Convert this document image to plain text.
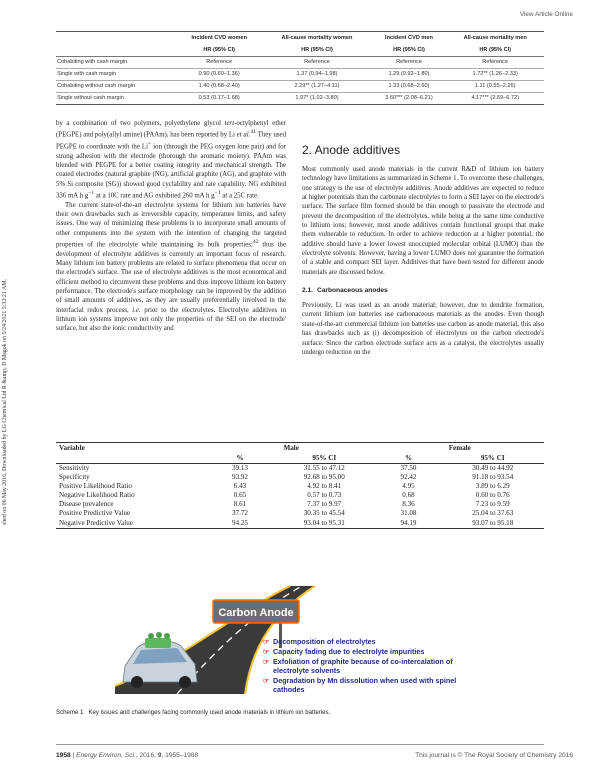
View Article Online
shed on 06 May 2016. Downloaded by LG Chemical Ltd R &amp; D Magok on 5/24/2021 5:33:21 AM.
	Incident CVD women	All-cause mortality women	Incident CVD men	All-cause mortality men
	HR (95% CI)	HR (95% CI)	HR (95% CI)	HR (95% CI)
Cohabiting with cash margin	Reference	Reference	Reference	Reference
Single with cash margin	0.90 (0.60–1.36)	1.37 (0.94–1.98)	1.29 (0.92–1.80)	1.72** (1.26–2.33)
Cohabiting without cash margin	1.40 (0.68–2.40)	2.29** (1.27–4.11)	1.33 (0.68–2.60)	1.11 (0.55–2.26)
Single without cash margin	0.53 (0.17–1.68)	1.97* (1.02–3.80)	3.60*** (2.08–6.21)	4.17*** (2.59–6.72)

by a combination of two polymers, polyethylene glycol tert-octylphenyl ether (PEGPE) and poly(allyl amine) (PAAm), has been reported by Li et al.$^{41}$ They used PEGPE to coordinate with the Li+ ion (through the PEG oxygen lone pair) and for strong adhesion with the electrode (thorough the aromatic moiety). PAAm was blended with PEGPE for a better coating integrity and mechanical strength. The coated electrodes (natural graphite (NG), artificial graphite (AG), and graphite with 5% Si composite (SG)) showed good cyclability and rate capability. NG exhibited 336 mA h $g^{-1}$ at a 10C rate and AG exhibited 260 mA h $g^{-1}$ at a 25C rate.

The current state-of-the-art electrolyte systems for lithium ion batteries have their own drawbacks such as irreversible capacity, temperature limits, and safety issues. One way of minimizing these problems is to incorporate small amounts of other components into the system with the intention of changing the targeted properties of the electrolyte while maintaining its bulk properties;$^{42}$ thus the development of electrolyte additives is currently an important focus of research. Many lithium ion battery problems are related to surface phenomena that occur on the electrode's surface. The use of electrolyte additives is the most economical and efficient method to circumvent these problems and thus improve lithium ion battery performance. The electrode's surface morphology can be improved by the addition of small amounts of additives, as they are usually preferentially involved in the interfacial redox process, i.e. prior to the electrolytes. Electrolyte additives in lithium ion systems improve not only the properties of the SEI on the electrode' surface, but also the ionic conductivity and

2. Anode additives

Most commonly used anode materials in the current R&D of lithium ion battery technology have limitations as summarized in Scheme 1. To overcome these challenges, one strategy is the use of electrolyte additives. Anode additives are expected to reduce at higher potentials than the carbonate electrolytes to form a SEI layer on the electrode's surface. The surface film formed should be thin enough to passivate the electrode and prevent the decomposition of the electrolytes, while being at the same time conductive to lithium ions; however, most anode additives contain functional groups that make them vulnerable to reduction. In order to achieve reduction at a higher potential, the additive should have a lower lowest unoccupied molecular orbital (LUMO) than the electrolyte solvents. However, having a lower LUMO does not guarantee the formation of a stable and compact SEI layer. Additives that have been tested for different anode materials are discussed below.

2.1. Carbonaceous anodes

Previously, Li was used as an anode material; however, due to dendrite formation, current lithium ion batteries use carbonaceous materials as the anodes. Even though state-of-the-art commercial lithium ion batteries use carbon as anode material, this also has drawbacks such as (i) decomposition of electrolytes on the carbon electrode's surface. Since the carbon electrode surface acts as a catalyst, the electrolytes usually undergo reduction on the

Variable	Male		Female	
	%	95% CI	%	95% CI
Sensitivity	39.13	31.55 to 47.12	37.50	30.49 to 44.92
Specificity	93.92	92.68 to 95.00	92.42	91.18 to 93.54
Positive Likelihood Ratio	6.43	4.92 to 8.41	4.95	3.89 to 6.29
Negative Likelihood Ratio	0.65	0.57 to 0.73	0.68	0.60 to 0.76
Disease prevalence	8.61	7.37 to 9.97	8.36	7.23 to 9.59
Positive Predictive Value	37.72	30.35 to 45.54	31.08	25.04 to 37.63
Negative Predictive Value	94.25	93.04 to 95.31	94.19	93.07 to 95.18
Carbon Anode
☞ Decomposition of electrolytes
☞ Capacity fading due to electrolyte impurities
☞ Exfoliation of graphite because of co-intercalation of
electrolyte solvents
☞ Degradation by Mn dissolution when used with spinel
cathodes
Scheme 1 Key issues and challenges facing commonly used anode materials in lithium ion batteries.
1958 | Energy Environ. Sci., 2016, 9, 1955–1988	This journal is © The Royal Society of Chemistry 2016
